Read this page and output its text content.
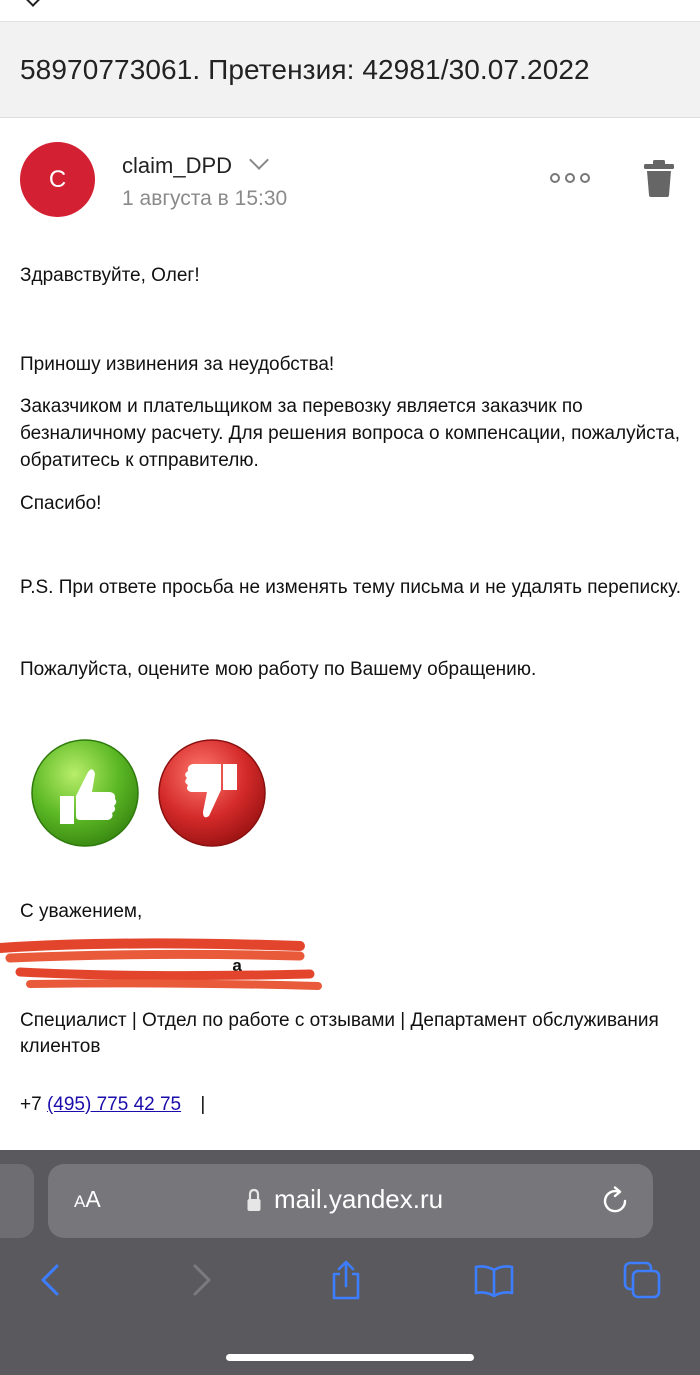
58970773061. Претензия: 42981/30.07.2022
C	claim_DPD
1 августа в 15:30
Здравствуйте, Олег!
Приношу извинения за неудобства!
Заказчиком и плательщиком за перевозку является заказчик по безналичному расчету. Для решения вопроса о компенсации, пожалуйста, обратитесь к отправителю.
Спасибо!
P.S. При ответе просьба не изменять тему письма и не удалять переписку.
Пожалуйста, оцените мою работу по Вашему обращению.
С уважением,
а
Специалист | Отдел по работе с отзывами | Департамент обслуживания клиентов
+7 (495) 775 42 75 |
AA	mail.yandex.ru
